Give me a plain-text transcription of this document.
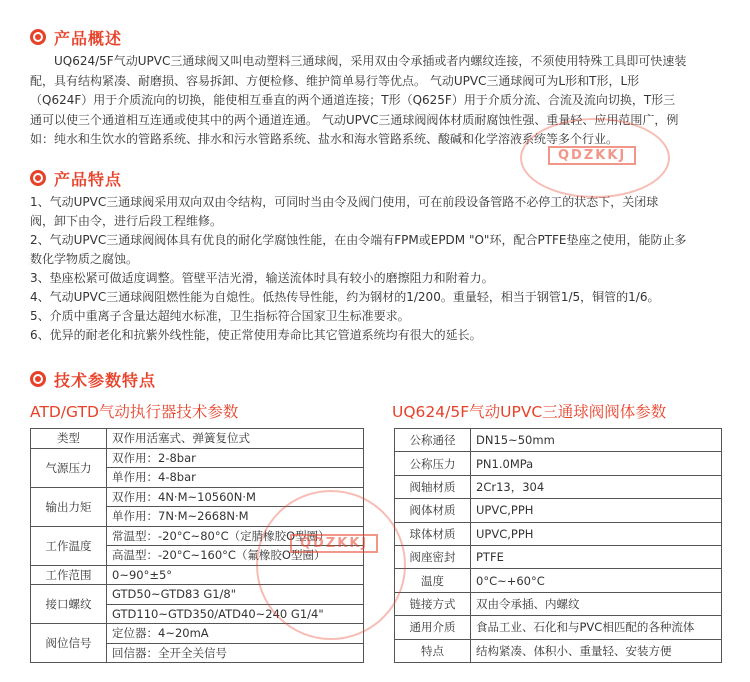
产品概述
UQ624/5F气动UPVC三通球阀又叫电动塑料三通球阀，采用双由令承插或者内螺纹连接，不须使用特殊工具即可快速装
配，具有结构紧凑、耐磨损、容易拆卸、方便检修、维护简单易行等优点。 气动UPVC三通球阀可为L形和T形，L形
（Q624F）用于介质流向的切换，能使相互垂直的两个通道连接；T形（Q625F）用于介质分流、合流及流向切换，T形三
通可以使三个通道相互连通或使其中的两个通道连通。 气动UPVC三通球阀阀体材质耐腐蚀性强、重量轻、应用范围广，例
如：纯水和生饮水的管路系统、排水和污水管路系统、盐水和海水管路系统、酸碱和化学溶液系统等多个行业。
产品特点
1、气动UPVC三通球阀采用双向双由令结构，可同时当由令及阀门使用，可在前段设备管路不必停工的状态下，关闭球
阀，卸下由令，进行后段工程维修。
2、气动UPVC三通球阀阀体具有优良的耐化学腐蚀性能，在由令端有FPM或EPDM "O"环，配合PTFE垫座之使用，能防止多
数化学物质之腐蚀。
3、垫座松紧可做适度调整。管壁平洁光滑，输送流体时具有较小的磨擦阻力和附着力。
4、气动UPVC三通球阀阻燃性能为自熄性。低热传导性能，约为钢材的1/200。重量轻，相当于钢管1/5，铜管的1/6。
5、介质中重离子含量达超纯水标准，卫生指标符合国家卫生标准要求。
6、优异的耐老化和抗紫外线性能，使正常使用寿命比其它管道系统均有很大的延长。
技术参数特点
ATD/GTD气动执行器技术参数	UQ624/5F气动UPVC三通球阀阀体参数
类型	双作用活塞式、弹簧复位式
气源压力	双作用：2-8bar
	单作用：4-8bar
输出力矩	双作用：4N·M~10560N·M
	单作用：7N·M~2668N·M
工作温度	常温型：-20°C~80°C（定腈橡胶O型圈）
	高温型：-20°C~160°C（氟橡胶O型圈）
工作范围	0~90°±5°
接口螺纹	GTD50~GTD83 G1/8"
	GTD110~GTD350/ATD40~240 G1/4"
阀位信号	定位器：4~20mA
	回信器：全开全关信号
公称通径	DN15~50mm
公称压力	PN1.0MPa
阀轴材质	2Cr13，304
阀体材质	UPVC,PPH
球体材质	UPVC,PPH
阀座密封	PTFE
温度	0°C~+60°C
链接方式	双由令承插、内螺纹
通用介质	食品工业、石化和与PVC相匹配的各种流体
特点	结构紧凑、体积小、重量轻、安装方便
QDZKKJ
QDZKKJ
